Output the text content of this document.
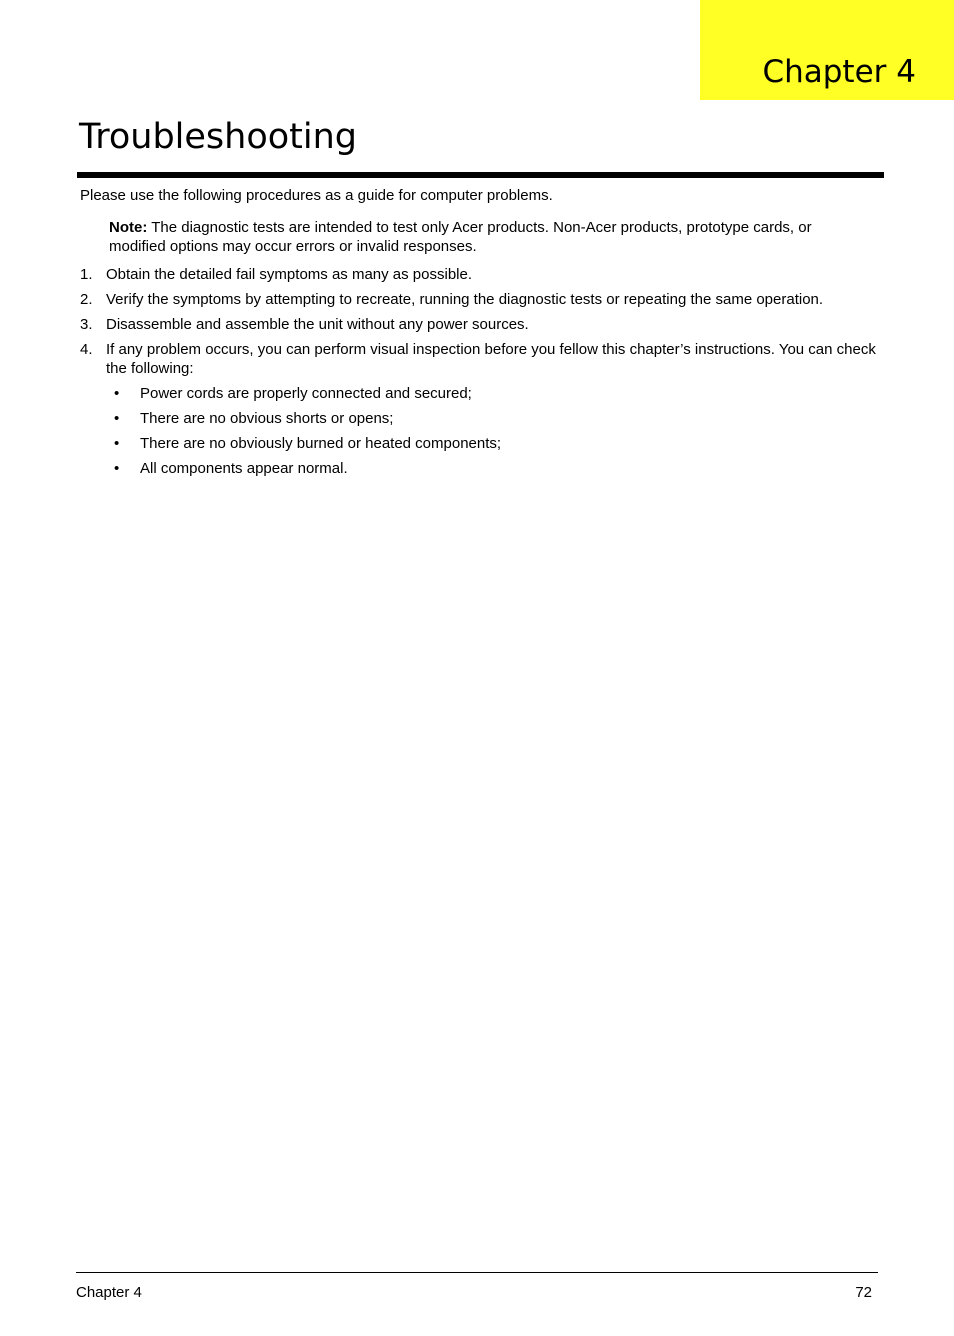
Chapter 4
Troubleshooting
Please use the following procedures as a guide for computer problems.
Note: The diagnostic tests are intended to test only Acer products. Non-Acer products, prototype cards, or modified options may occur errors or invalid responses.
1. Obtain the detailed fail symptoms as many as possible.
2. Verify the symptoms by attempting to recreate, running the diagnostic tests or repeating the same operation.
3. Disassemble and assemble the unit without any power sources.
4. If any problem occurs, you can perform visual inspection before you fellow this chapter’s instructions. You can check the following:
• Power cords are properly connected and secured;
• There are no obvious shorts or opens;
• There are no obviously burned or heated components;
• All components appear normal.
Chapter 4	72
